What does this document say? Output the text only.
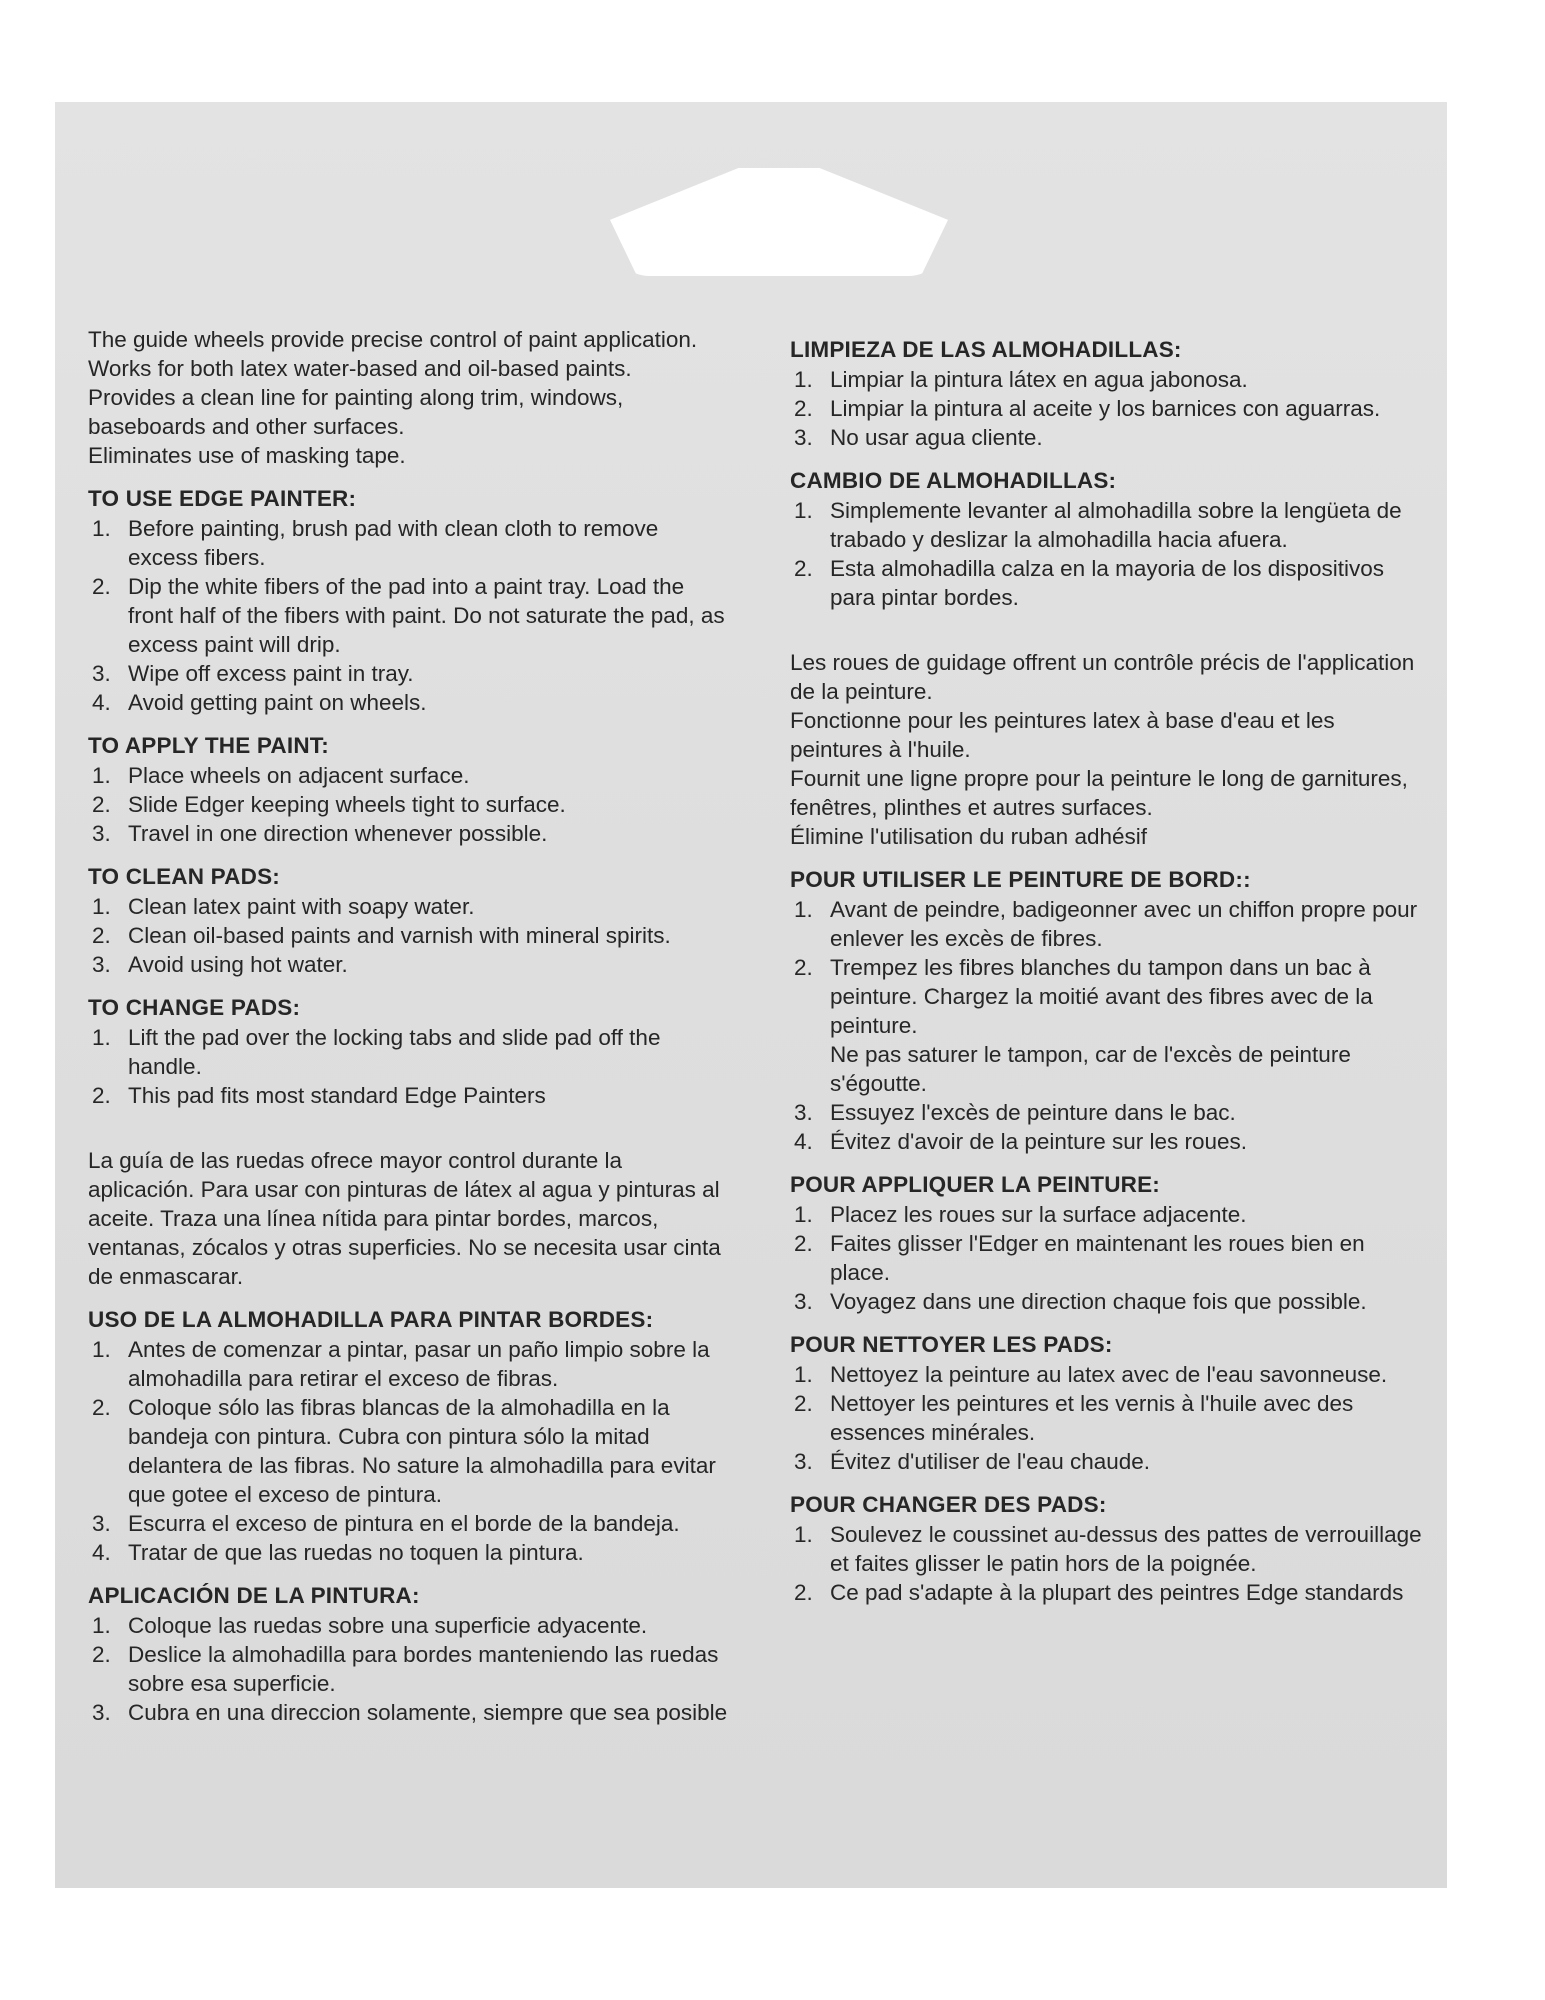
The guide wheels provide precise control of paint application.

Works for both latex water-based and oil-based paints.

Provides a clean line for painting along trim, windows, baseboards and other surfaces.

Eliminates use of masking tape.

TO USE EDGE PAINTER:
1. Before painting, brush pad with clean cloth to remove excess fibers.
2. Dip the white fibers of the pad into a paint tray. Load the front half of the fibers with paint. Do not saturate the pad, as excess paint will drip.
3. Wipe off excess paint in tray.
4. Avoid getting paint on wheels.
TO APPLY THE PAINT:
1. Place wheels on adjacent surface.
2. Slide Edger keeping wheels tight to surface.
3. Travel in one direction whenever possible.
TO CLEAN PADS:
1. Clean latex paint with soapy water.
2. Clean oil-based paints and varnish with mineral spirits.
3. Avoid using hot water.
TO CHANGE PADS:
1. Lift the pad over the locking tabs and slide pad off the handle.
2. This pad fits most standard Edge Painters

La guía de las ruedas ofrece mayor control durante la aplicación. Para usar con pinturas de látex al agua y pinturas al aceite. Traza una línea nítida para pintar bordes, marcos, ventanas, zócalos y otras superficies. No se necesita usar cinta de enmascarar.

USO DE LA ALMOHADILLA PARA PINTAR BORDES:
1. Antes de comenzar a pintar, pasar un paño limpio sobre la almohadilla para retirar el exceso de fibras.
2. Coloque sólo las fibras blancas de la almohadilla en la bandeja con pintura. Cubra con pintura sólo la mitad delantera de las fibras. No sature la almohadilla para evitar que gotee el exceso de pintura.
3. Escurra el exceso de pintura en el borde de la bandeja.
4. Tratar de que las ruedas no toquen la pintura.
APLICACIÓN DE LA PINTURA:
1. Coloque las ruedas sobre una superficie adyacente.
2. Deslice la almohadilla para bordes manteniendo las ruedas sobre esa superficie.
3. Cubra en una direccion solamente, siempre que sea posible
LIMPIEZA DE LAS ALMOHADILLAS:
1. Limpiar la pintura látex en agua jabonosa.
2. Limpiar la pintura al aceite y los barnices con aguarras.
3. No usar agua cliente.
CAMBIO DE ALMOHADILLAS:
1. Simplemente levanter al almohadilla sobre la lengüeta de trabado y deslizar la almohadilla hacia afuera.
2. Esta almohadilla calza en la mayoria de los dispositivos para pintar bordes.

Les roues de guidage offrent un contrôle précis de l'application de la peinture.

Fonctionne pour les peintures latex à base d'eau et les peintures à l'huile.

Fournit une ligne propre pour la peinture le long de garnitures, fenêtres, plinthes et autres surfaces.

Élimine l'utilisation du ruban adhésif

POUR UTILISER LE PEINTURE DE BORD::
1. Avant de peindre, badigeonner avec un chiffon propre pour enlever les excès de fibres.
2. Trempez les fibres blanches du tampon dans un bac à peinture. Chargez la moitié avant des fibres avec de la peinture.
Ne pas saturer le tampon, car de l'excès de peinture s'égoutte.
3. Essuyez l'excès de peinture dans le bac.
4. Évitez d'avoir de la peinture sur les roues.
POUR APPLIQUER LA PEINTURE:
1. Placez les roues sur la surface adjacente.
2. Faites glisser l'Edger en maintenant les roues bien en place.
3. Voyagez dans une direction chaque fois que possible.
POUR NETTOYER LES PADS:
1. Nettoyez la peinture au latex avec de l'eau savonneuse.
2. Nettoyer les peintures et les vernis à l'huile avec des essences minérales.
3. Évitez d'utiliser de l'eau chaude.
POUR CHANGER DES PADS:
1. Soulevez le coussinet au-dessus des pattes de verrouillage et faites glisser le patin hors de la poignée.
2. Ce pad s'adapte à la plupart des peintres Edge standards
